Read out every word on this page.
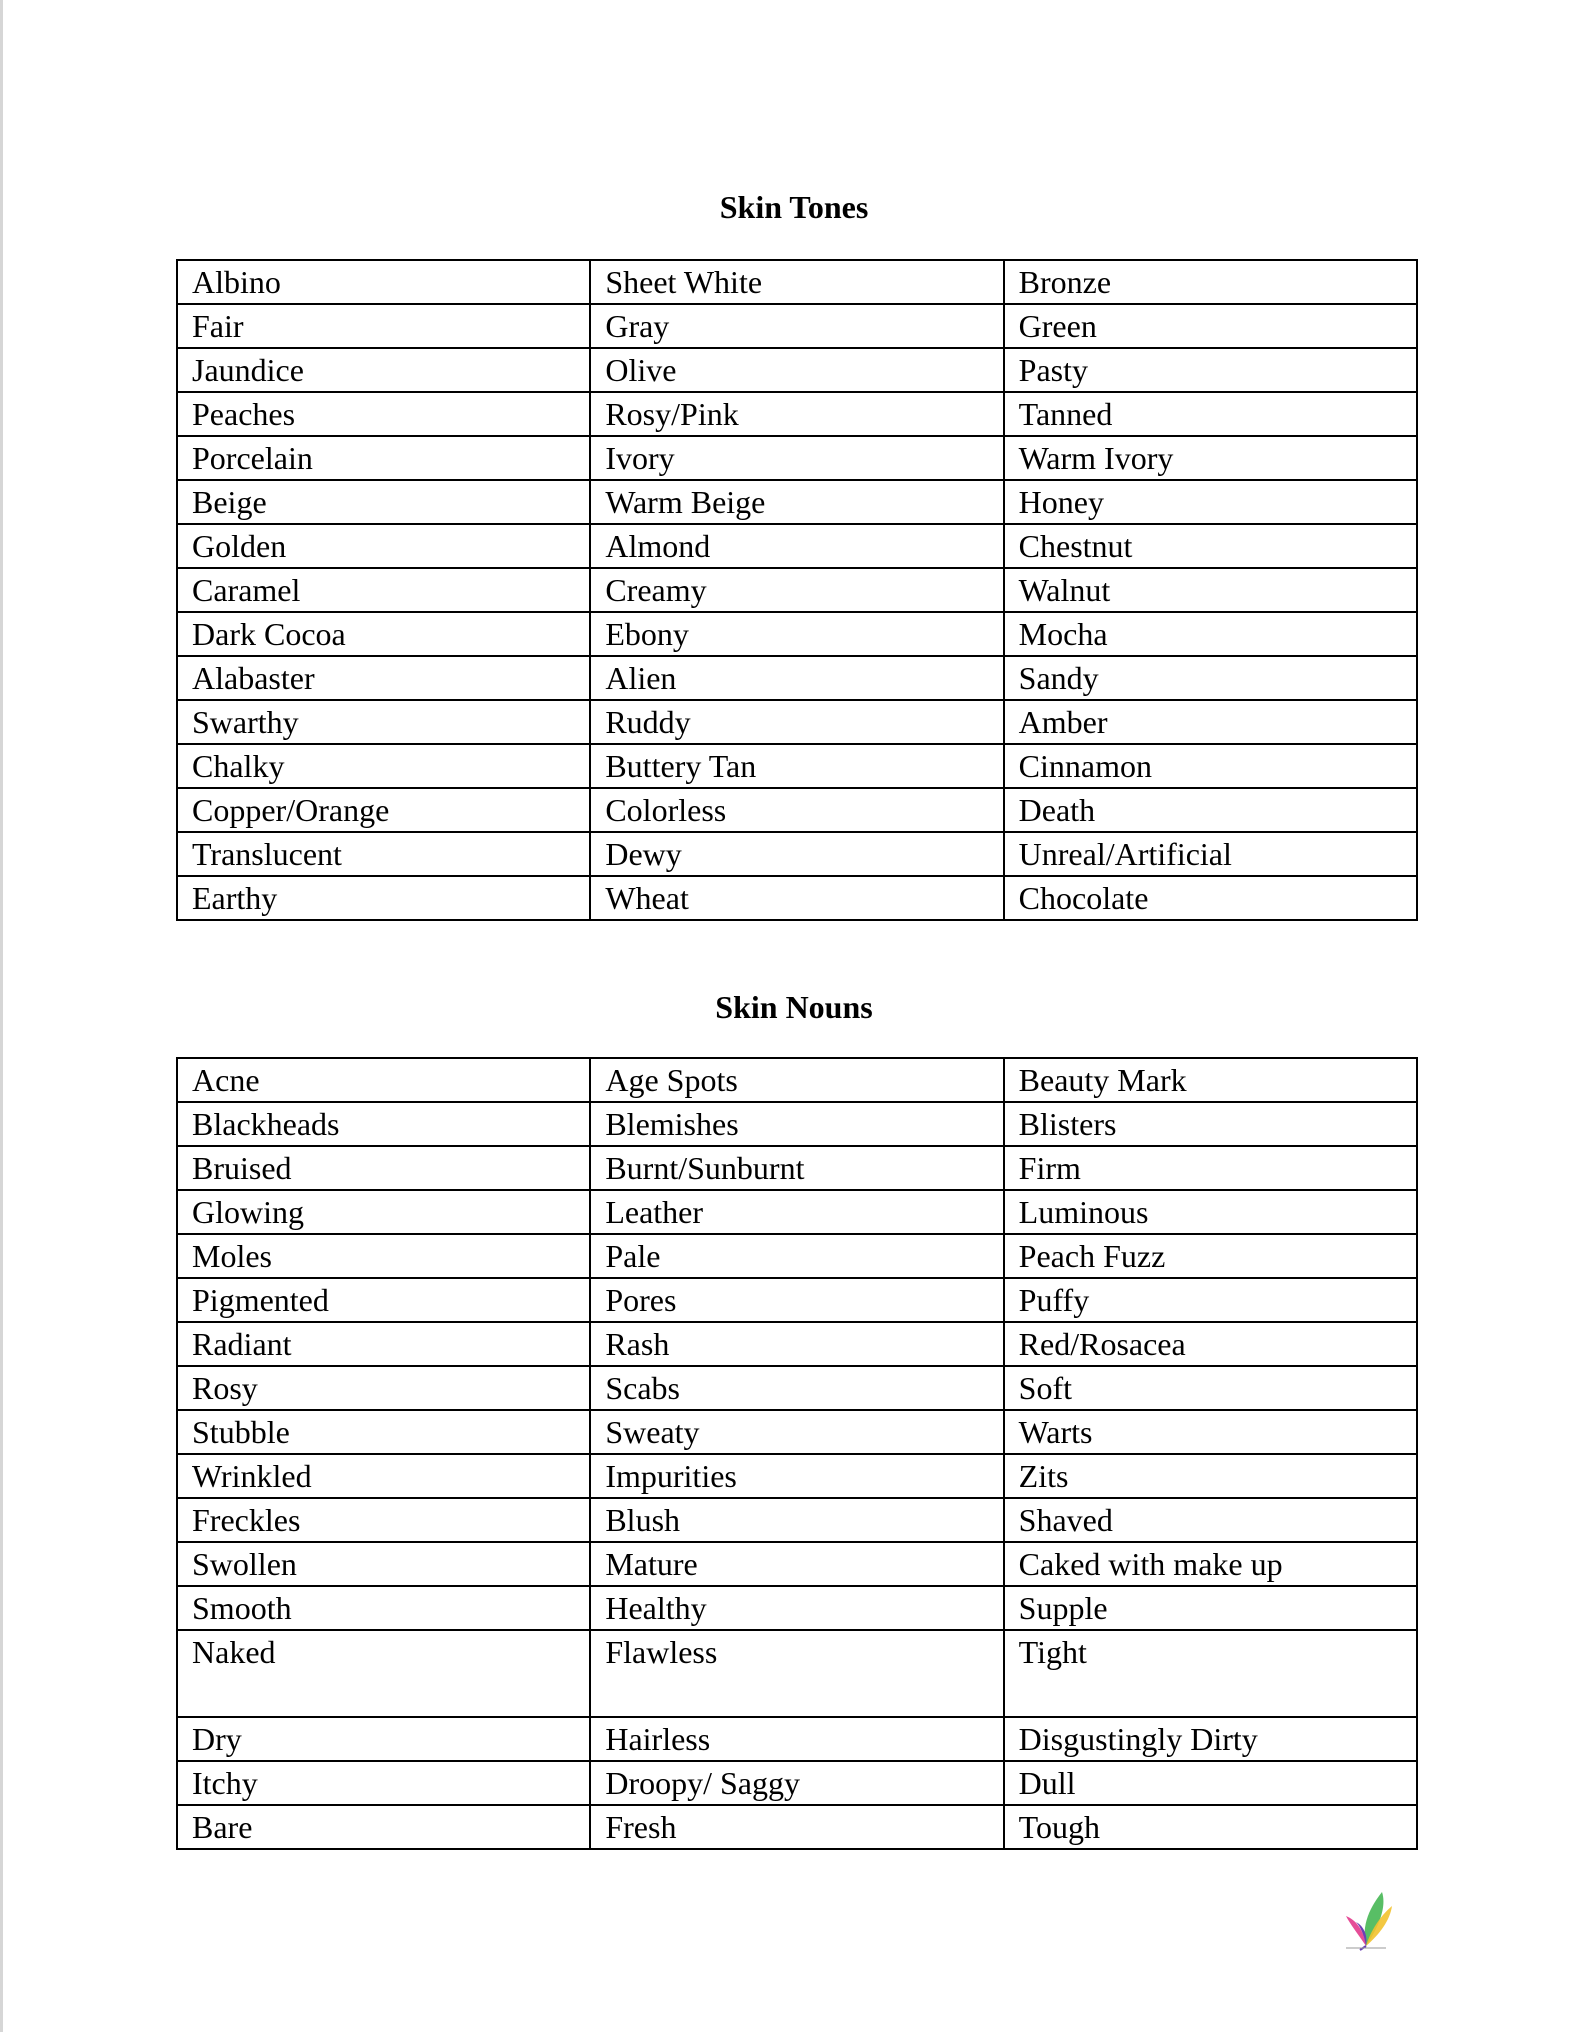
Skin Tones
Albino	Sheet White	Bronze
Fair	Gray	Green
Jaundice	Olive	Pasty
Peaches	Rosy/Pink	Tanned
Porcelain	Ivory	Warm Ivory
Beige	Warm Beige	Honey
Golden	Almond	Chestnut
Caramel	Creamy	Walnut
Dark Cocoa	Ebony	Mocha
Alabaster	Alien	Sandy
Swarthy	Ruddy	Amber
Chalky	Buttery Tan	Cinnamon
Copper/Orange	Colorless	Death
Translucent	Dewy	Unreal/Artificial
Earthy	Wheat	Chocolate
Skin Nouns
Acne	Age Spots	Beauty Mark
Blackheads	Blemishes	Blisters
Bruised	Burnt/Sunburnt	Firm
Glowing	Leather	Luminous
Moles	Pale	Peach Fuzz
Pigmented	Pores	Puffy
Radiant	Rash	Red/Rosacea
Rosy	Scabs	Soft
Stubble	Sweaty	Warts
Wrinkled	Impurities	Zits
Freckles	Blush	Shaved
Swollen	Mature	Caked with make up
Smooth	Healthy	Supple
Naked	Flawless	Tight
Dry	Hairless	Disgustingly Dirty
Itchy	Droopy/ Saggy	Dull
Bare	Fresh	Tough
